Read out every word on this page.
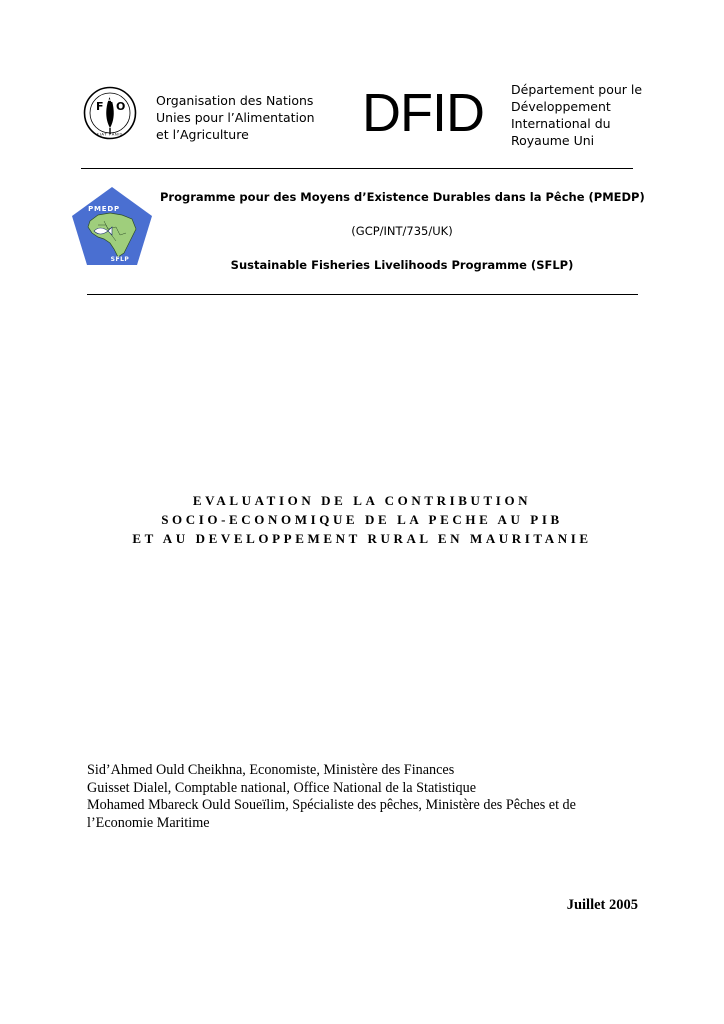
F A O
FIAT PANIS
Organisation des Nations
Unies pour l’Alimentation
et l’Agriculture	DFID Département pour le
Développement
International du
Royaume Uni
PMEDP
SFLP
Programme pour des Moyens d’Existence Durables dans la Pêche (PMEDP)
(GCP/INT/735/UK)
Sustainable Fisheries Livelihoods Programme (SFLP)
EVALUATION DE LA CONTRIBUTION
SOCIO-ECONOMIQUE DE LA PECHE AU PIB
ET AU DEVELOPPEMENT RURAL EN MAURITANIE
Sid’Ahmed Ould Cheikhna, Economiste, Ministère des Finances
Guisset Dialel, Comptable national, Office National de la Statistique
Mohamed Mbareck Ould Soueïlim, Spécialiste des pêches, Ministère des Pêches et de
l’Economie Maritime
Juillet 2005
